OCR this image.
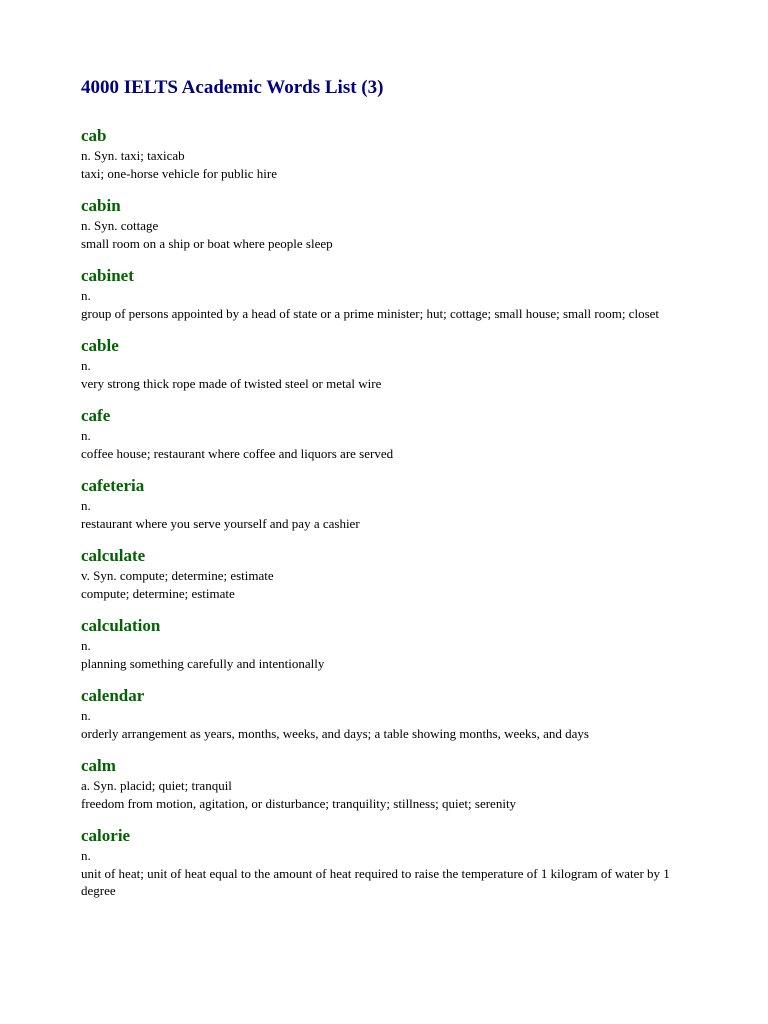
4000 IELTS Academic Words List (3)
cab
n. Syn. taxi; taxicab
taxi; one-horse vehicle for public hire
cabin
n. Syn. cottage
small room on a ship or boat where people sleep
cabinet
n.
group of persons appointed by a head of state or a prime minister; hut; cottage; small house; small room; closet
cable
n.
very strong thick rope made of twisted steel or metal wire
cafe
n.
coffee house; restaurant where coffee and liquors are served
cafeteria
n.
restaurant where you serve yourself and pay a cashier
calculate
v. Syn. compute; determine; estimate
compute; determine; estimate
calculation
n.
planning something carefully and intentionally
calendar
n.
orderly arrangement as years, months, weeks, and days; a table showing months, weeks, and days
calm
a. Syn. placid; quiet; tranquil
freedom from motion, agitation, or disturbance; tranquility; stillness; quiet; serenity
calorie
n.
unit of heat; unit of heat equal to the amount of heat required to raise the temperature of 1 kilogram of water by 1 degree
